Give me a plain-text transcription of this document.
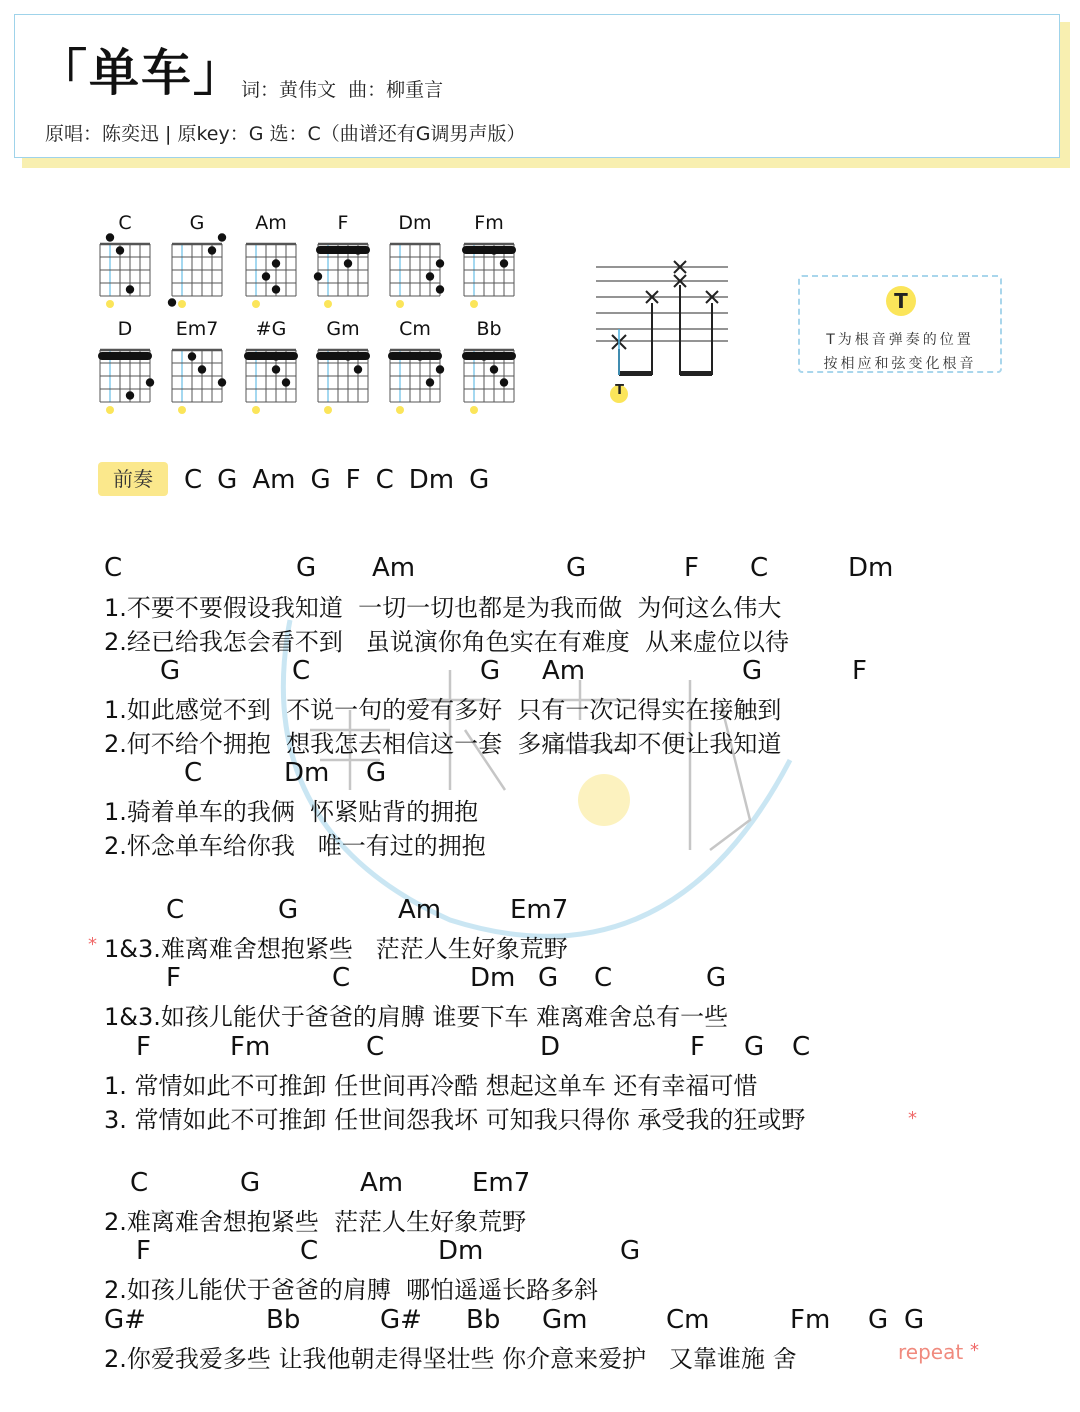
「单车」
词：黄伟文 曲：柳重言
原唱：陈奕迅 | 原key：G 选：C（曲谱还有G调男声版）
C	G	Am	F	Dm	Fm
D	Em7	#G	Gm	Cm	Bb
T
T
T为根音弹奏的位置
按相应和弦变化根音
前奏	C G Am G F C Dm G
C	G Am	G	F C	Dm
1.不要不要假设我知道  一切一切也都是为我而做  为何这么伟大
2.经已给我怎会看不到   虽说演你角色实在有难度  从来虚位以待
G	C	G Am	G	F
1.如此感觉不到  不说一句的爱有多好  只有一次记得实在接触到
2.何不给个拥抱  想我怎去相信这一套  多痛惜我却不便让我知道
C	Dm G
1.骑着单车的我俩  怀紧贴背的拥抱
2.怀念单车给你我   唯一有过的拥抱
C	G	Am	Em7
* 1&3.难离难舍想抱紧些   茫茫人生好象荒野
F	C	Dm G C	G
1&3.如孩儿能伏于爸爸的肩膊 谁要下车 难离难舍总有一些
F	Fm	C	D	F G C
1. 常情如此不可推卸 任世间再冷酷 想起这单车 还有幸福可惜
3. 常情如此不可推卸 任世间怨我坏 可知我只得你 承受我的狂或野	*
C	G	Am	Em7
2.难离难舍想抱紧些  茫茫人生好象荒野
F	C	Dm	G
2.如孩儿能伏于爸爸的肩膊  哪怕遥遥长路多斜
G#	Bb	G# Bb Gm	Cm	Fm G G
2.你爱我爱多些 让我他朝走得坚壮些 你介意来爱护   又靠谁施 舍	repeat *
